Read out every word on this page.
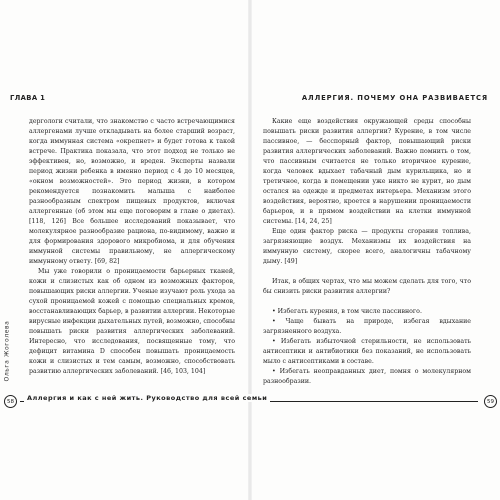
ГЛАВА 1

дергологи считали, что знакомство с часто встречающимися аллергенами лучше откладывать на более старший возраст, когда иммунная система «окрепнет» и будет готова к такой встрече. Практика показала, что этот подход не только не эффективен, но, возможно, и вреден. Эксперты назвали период жизни ребенка в именно период с 4 до 10 месяцев, «окном возможностей». Это период жизни, в котором рекомендуется познакомить малыша с наиболее разнообразным спектром пищевых продуктов, включая аллергенные (об этом мы еще поговорим в главе о диетах). [118, 126] Все большее исследований показывает, что молекулярное разнообразие рациона, по-видимому, важно и для формирования здорового микробиома, и для обучения иммунной системы правильному, не аллергическому иммунному ответу. [69, 82]

Мы уже говорили о проницаемости барьерных тканей, кожи и слизистых как об одном из возможных факторов, повышающих риски аллергии. Ученые изучают роль ухода за сухой проницаемой кожей с помощью специальных кремов, восстанавливающих барьер, в развитии аллергии. Некоторые вирусные инфекции дыхательных путей, возможно, способны повышать риски развития аллергических заболеваний. Интересно, что исследования, посвященные тому, что дефицит витамина D способен повышать проницаемость кожи и слизистых и тем самым, возможно, способствовать развитию аллергических заболеваний. [46, 103, 104]

Ольга Жоголева
АЛЛЕРГИЯ. ПОЧЕМУ ОНА РАЗВИВАЕТСЯ

Какие еще воздействия окружающей среды способны повышать риски развития аллергии? Курение, в том числе пассивное, — бесспорный фактор, повышающий риски развития аллергических заболеваний. Важно помнить о том, что пассивным считается не только вторичное курение, когда человек вдыхает табачный дым курильщика, но и третичное, когда в помещении уже никто не курит, но дым остался на одежде и предметах интерьера. Механизм этого воздействия, вероятно, кроется в нарушении проницаемости барьеров, и в прямом воздействии на клетки иммунной системы. [14, 24, 25]

Еще один фактор риска — продукты сгорания топлива, загрязняющие воздух. Механизмы их воздействия на иммунную систему, скорее всего, аналогичны табачному дыму. [49]

Итак, в общих чертах, что мы можем сделать для того, что бы снизить риски развития аллергии?

• Избегать курения, в том числе пассивного.

• Чаще бывать на природе, избегая вдыхание загрязненного воздуха.

• Избегать избыточной стерильности, не использовать антисептики и антибиотики без показаний, не использовать мыло с антисептиками в составе.

• Избегать неоправданных диет, помня о молекулярном разнообразии.

Аллергия и как с ней жить. Руководство для всей семьи
58	59
